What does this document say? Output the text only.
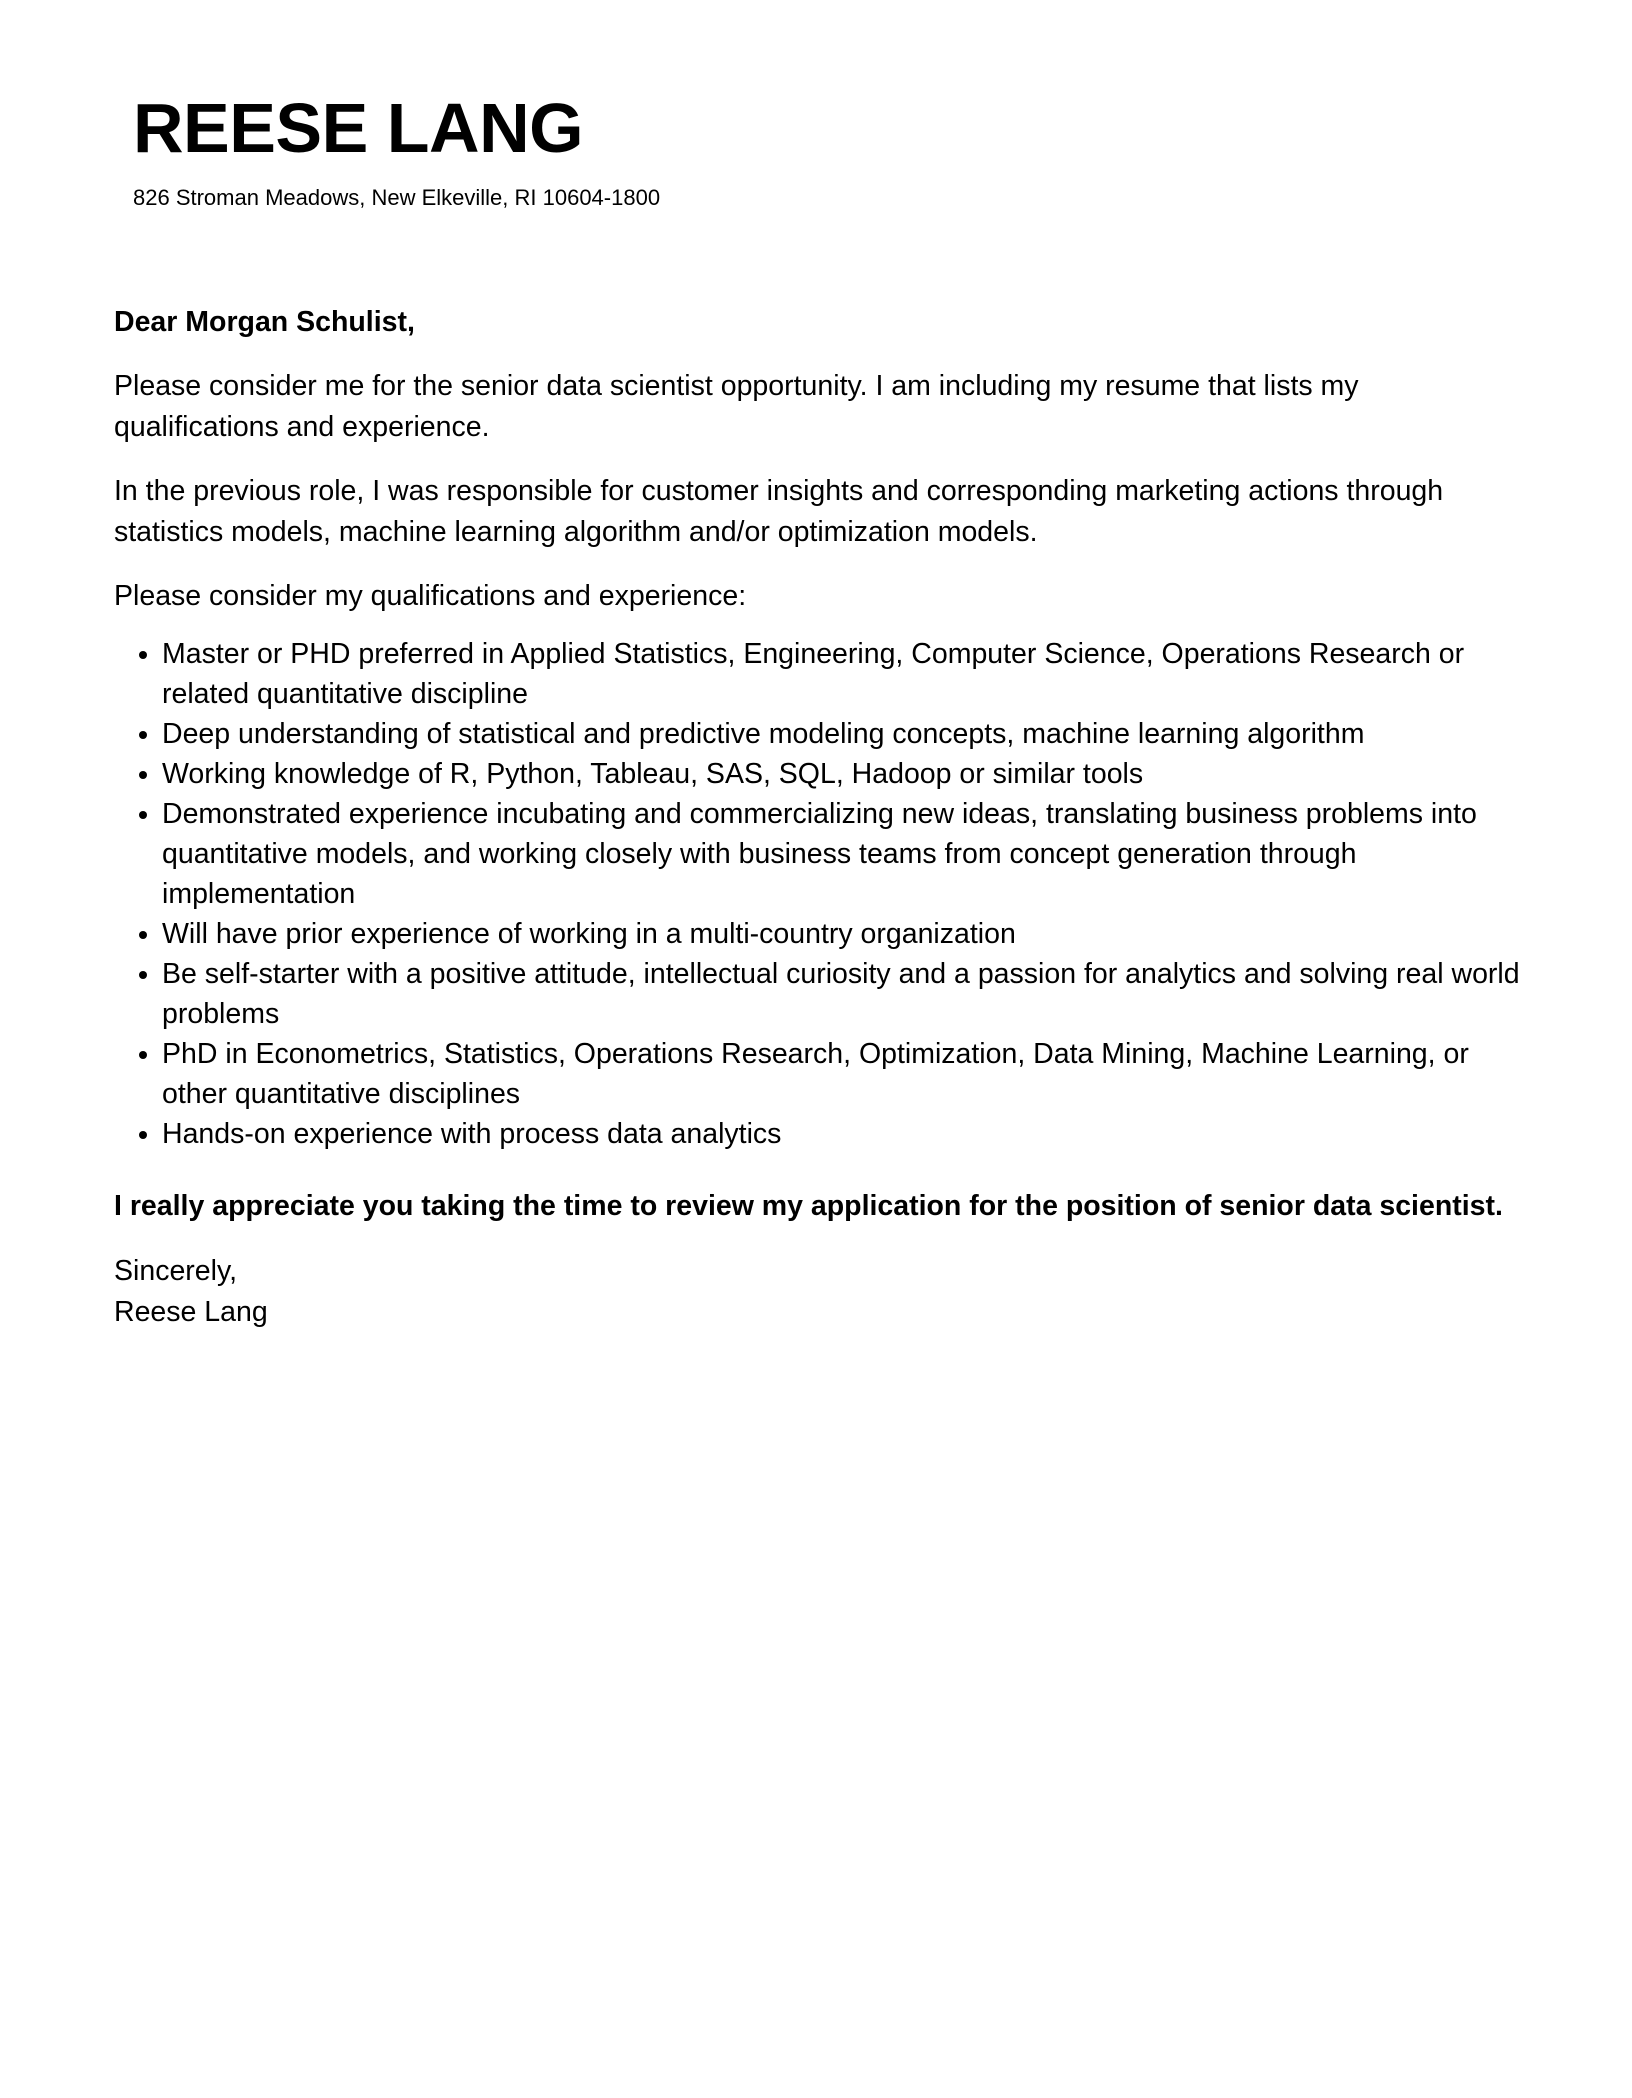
REESE LANG
826 Stroman Meadows, New Elkeville, RI 10604-1800

Dear Morgan Schulist,

Please consider me for the senior data scientist opportunity. I am including my resume that lists my qualifications and experience.

In the previous role, I was responsible for customer insights and corresponding marketing actions through statistics models, machine learning algorithm and/or optimization models.

Please consider my qualifications and experience:

• Master or PHD preferred in Applied Statistics, Engineering, Computer Science, Operations Research or related quantitative discipline
• Deep understanding of statistical and predictive modeling concepts, machine learning algorithm
• Working knowledge of R, Python, Tableau, SAS, SQL, Hadoop or similar tools
• Demonstrated experience incubating and commercializing new ideas, translating business problems into quantitative models, and working closely with business teams from concept generation through implementation
• Will have prior experience of working in a multi-country organization
• Be self-starter with a positive attitude, intellectual curiosity and a passion for analytics and solving real world problems
• PhD in Econometrics, Statistics, Operations Research, Optimization, Data Mining, Machine Learning, or other quantitative disciplines
• Hands-on experience with process data analytics

I really appreciate you taking the time to review my application for the position of senior data scientist.

Sincerely,

Reese Lang
